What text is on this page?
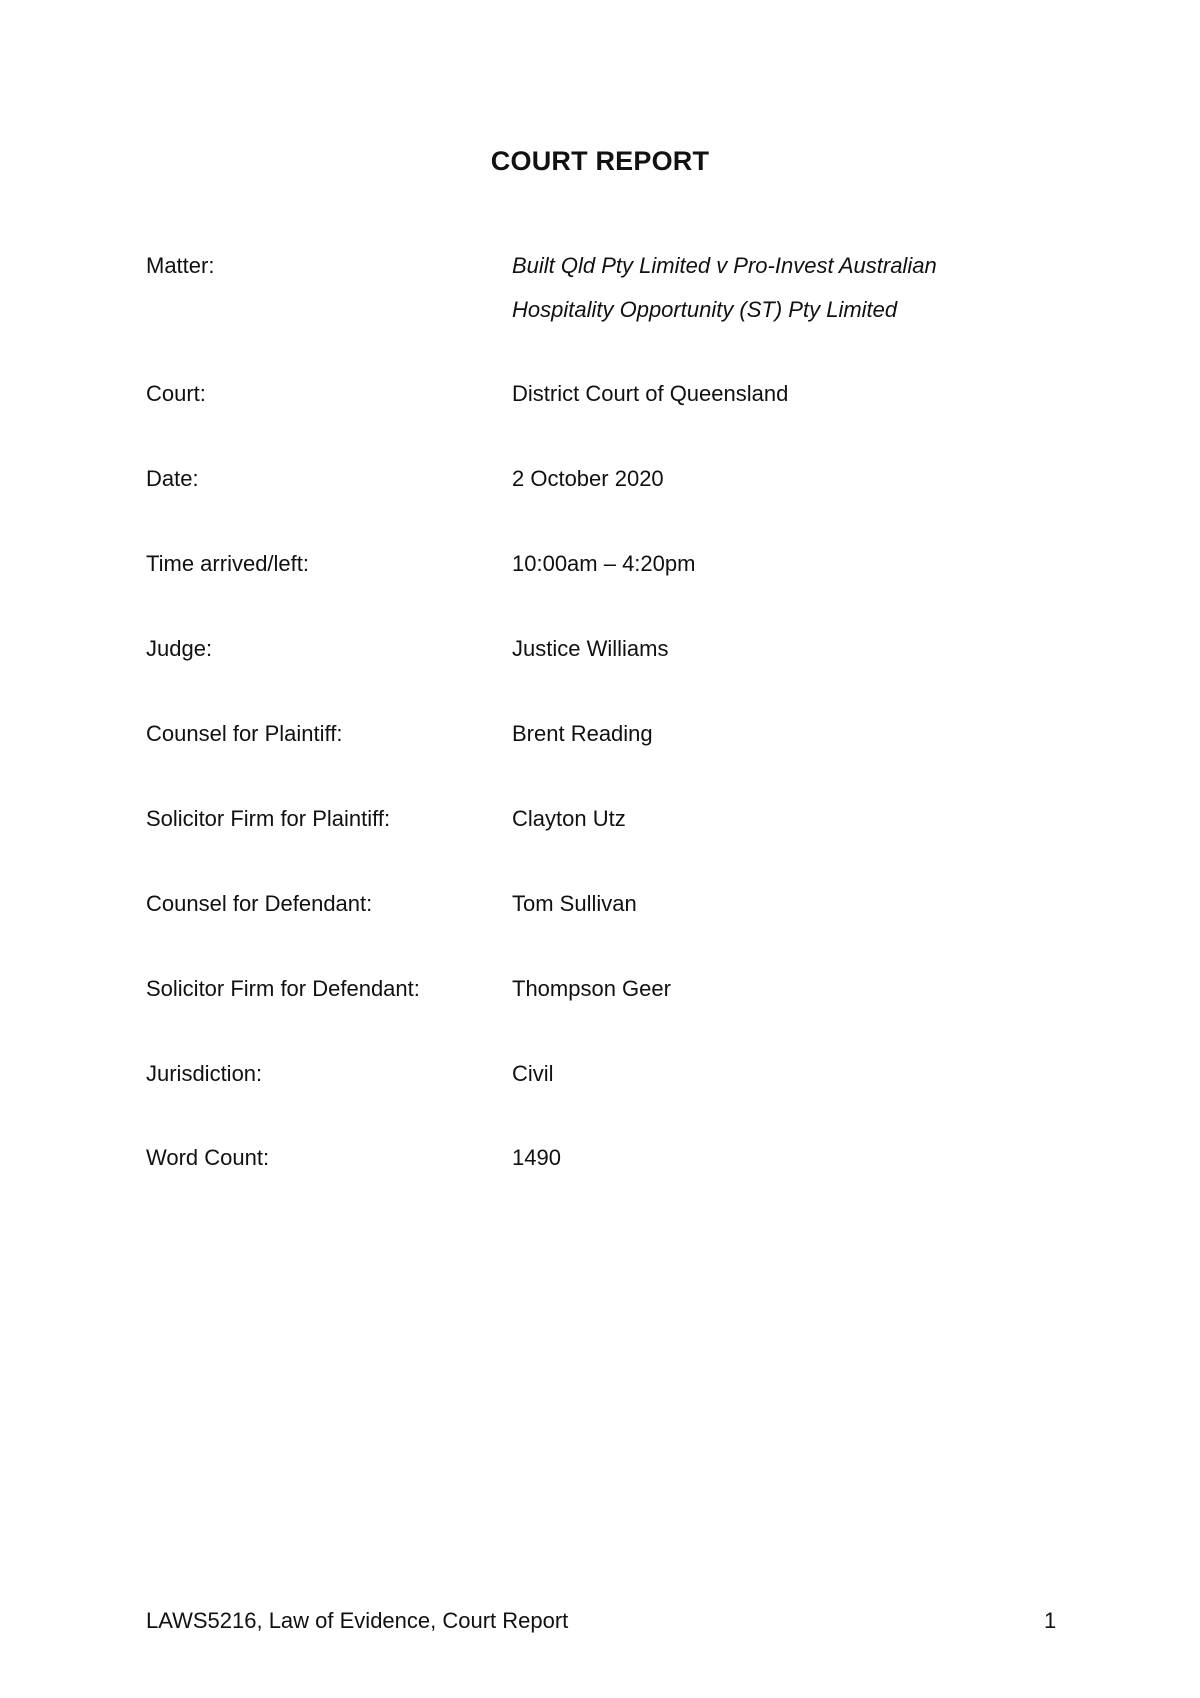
COURT REPORT
Matter:	Built Qld Pty Limited v Pro-Invest Australian
Hospitality Opportunity (ST) Pty Limited
Court:	District Court of Queensland
Date:	2 October 2020
Time arrived/left:	10:00am – 4:20pm
Judge:	Justice Williams
Counsel for Plaintiff:	Brent Reading
Solicitor Firm for Plaintiff:	Clayton Utz
Counsel for Defendant:	Tom Sullivan
Solicitor Firm for Defendant:	Thompson Geer
Jurisdiction:	Civil
Word Count:	1490
LAWS5216, Law of Evidence, Court Report	1
